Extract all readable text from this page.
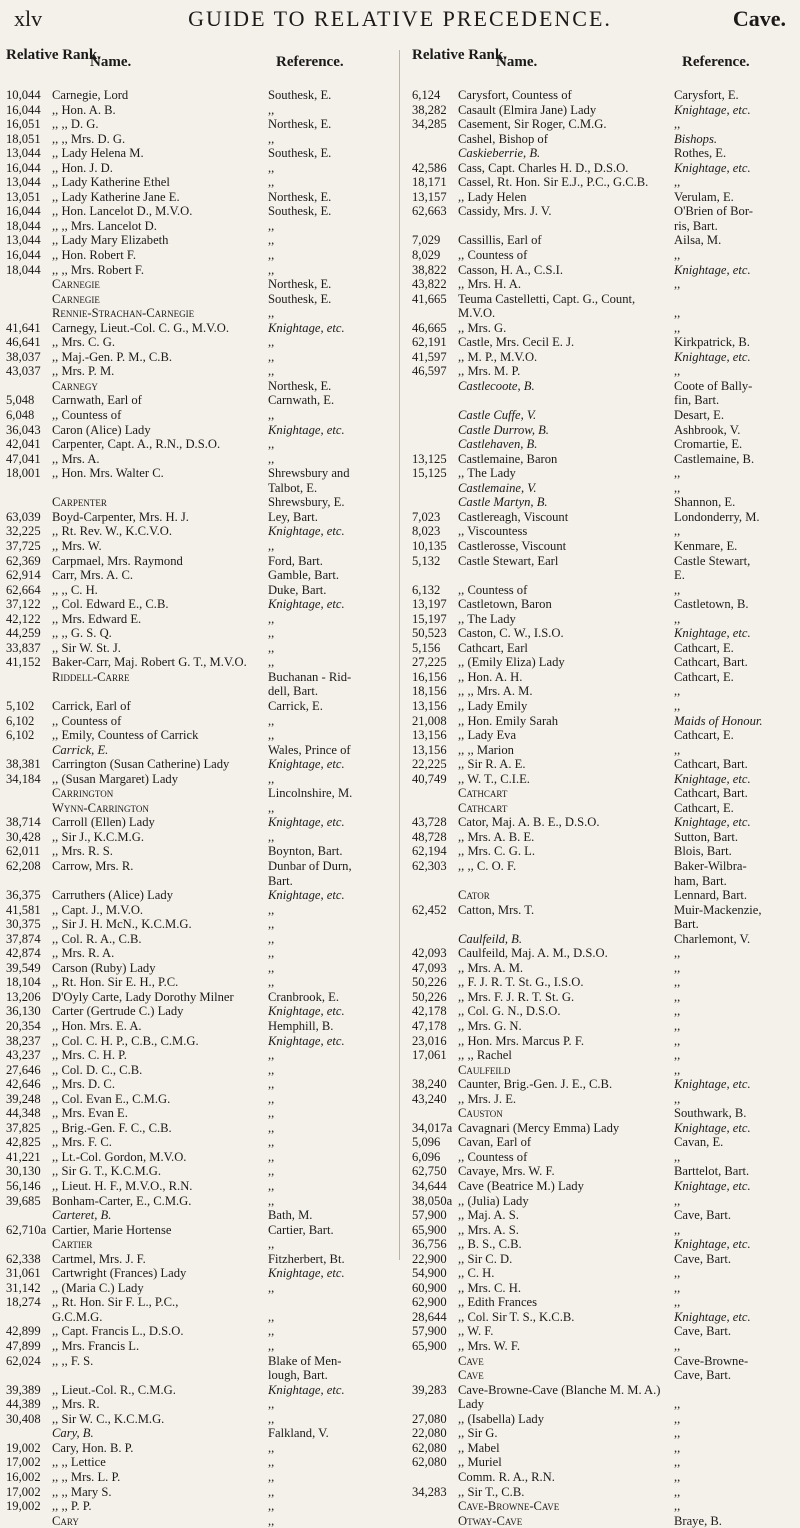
xlv	GUIDE TO RELATIVE PRECEDENCE.	Cave.
Relative Rank.
Name.	Reference.
10,044 Carnegie, Lord	Southesk, E.
16,044 ,, Hon. A. B.	,,
16,051 ,, ,, D. G.	Northesk, E.
18,051 ,, ,, Mrs. D. G.	,,
13,044 ,, Lady Helena M.	Southesk, E.
16,044 ,, Hon. J. D.	,,
13,044 ,, Lady Katherine Ethel	,,
13,051 ,, Lady Katherine Jane E.	Northesk, E.
16,044 ,, Hon. Lancelot D., M.V.O.	Southesk, E.
18,044 ,, ,, Mrs. Lancelot D.	,,
13,044 ,, Lady Mary Elizabeth	,,
16,044 ,, Hon. Robert F.	,,
18,044 ,, ,, Mrs. Robert F.	,,
Carnegie	Northesk, E.
Carnegie	Southesk, E.
Rennie-Strachan-Carnegie	,,
41,641 Carnegy, Lieut.-Col. C. G., M.V.O.	Knightage, etc.
46,641 ,, Mrs. C. G.	,,
38,037 ,, Maj.-Gen. P. M., C.B.	,,
43,037 ,, Mrs. P. M.	,,
Carnegy	Northesk, E.
5,048	Carnwath, Earl of	Carnwath, E.
6,048	,, Countess of	,,
36,043 Caron (Alice) Lady	Knightage, etc.
42,041 Carpenter, Capt. A., R.N., D.S.O.	,,
47,041 ,, Mrs. A.	,,
18,001 ,, Hon. Mrs. Walter C.	Shrewsbury and
Talbot, E.
Carpenter	Shrewsbury, E.
63,039 Boyd-Carpenter, Mrs. H. J.	Ley, Bart.
32,225 ,, Rt. Rev. W., K.C.V.O.	Knightage, etc.
37,725 ,, Mrs. W.	,,
62,369 Carpmael, Mrs. Raymond	Ford, Bart.
62,914 Carr, Mrs. A. C.	Gamble, Bart.
62,664 ,, ,, C. H.	Duke, Bart.
37,122 ,, Col. Edward E., C.B.	Knightage, etc.
42,122 ,, Mrs. Edward E.	,,
44,259 ,, ,, G. S. Q.	,,
33,837 ,, Sir W. St. J.	,,
41,152 Baker-Carr, Maj. Robert G. T., M.V.O.	,,
Riddell-Carre	Buchanan - Rid-
dell, Bart.
5,102	Carrick, Earl of	Carrick, E.
6,102	,, Countess of	,,
6,102	,, Emily, Countess of Carrick	,,
Carrick, E.	Wales, Prince of
38,381 Carrington (Susan Catherine) Lady	Knightage, etc.
34,184 ,, (Susan Margaret) Lady	,,
Carrington	Lincolnshire, M.
Wynn-Carrington	,,
38,714 Carroll (Ellen) Lady	Knightage, etc.
30,428 ,, Sir J., K.C.M.G.	,,
62,011 ,, Mrs. R. S.	Boynton, Bart.
62,208 Carrow, Mrs. R.	Dunbar of Durn,
Bart.
36,375 Carruthers (Alice) Lady	Knightage, etc.
41,581 ,, Capt. J., M.V.O.	,,
30,375 ,, Sir J. H. McN., K.C.M.G.	,,
37,874 ,, Col. R. A., C.B.	,,
42,874 ,, Mrs. R. A.	,,
39,549 Carson (Ruby) Lady	,,
18,104 ,, Rt. Hon. Sir E. H., P.C.	,,
13,206 D'Oyly Carte, Lady Dorothy Milner	Cranbrook, E.
36,130 Carter (Gertrude C.) Lady	Knightage, etc.
20,354 ,, Hon. Mrs. E. A.	Hemphill, B.
38,237 ,, Col. C. H. P., C.B., C.M.G.	Knightage, etc.
43,237 ,, Mrs. C. H. P.	,,
27,646 ,, Col. D. C., C.B.	,,
42,646 ,, Mrs. D. C.	,,
39,248 ,, Col. Evan E., C.M.G.	,,
44,348 ,, Mrs. Evan E.	,,
37,825 ,, Brig.-Gen. F. C., C.B.	,,
42,825 ,, Mrs. F. C.	,,
41,221 ,, Lt.-Col. Gordon, M.V.O.	,,
30,130 ,, Sir G. T., K.C.M.G.	,,
56,146 ,, Lieut. H. F., M.V.O., R.N.	,,
39,685 Bonham-Carter, E., C.M.G.	,,
Carteret, B.	Bath, M.
62,710a Cartier, Marie Hortense	Cartier, Bart.
Cartier	,,
62,338 Cartmel, Mrs. J. F.	Fitzherbert, Bt.
31,061 Cartwright (Frances) Lady	Knightage, etc.
31,142 ,, (Maria C.) Lady	,,
18,274 ,, Rt. Hon. Sir F. L., P.C.,
G.C.M.G.	,,
42,899 ,, Capt. Francis L., D.S.O.	,,
47,899 ,, Mrs. Francis L.	,,
62,024 ,, ,, F. S.	Blake of Men-
lough, Bart.
39,389 ,, Lieut.-Col. R., C.M.G.	Knightage, etc.
44,389 ,, Mrs. R.	,,
30,408 ,, Sir W. C., K.C.M.G.	,,
Cary, B.	Falkland, V.
19,002 Cary, Hon. B. P.	,,
17,002 ,, ,, Lettice	,,
16,002 ,, ,, Mrs. L. P.	,,
17,002 ,, ,, Mary S.	,,
19,002 ,, ,, P. P.	,,
Cary	,,
Relative Rank.
Name.	Reference.
6,124	Carysfort, Countess of	Carysfort, E.
38,282 Casault (Elmira Jane) Lady	Knightage, etc.
34,285 Casement, Sir Roger, C.M.G.	,,
Cashel, Bishop of	Bishops.
Caskieberrie, B.	Rothes, E.
42,586 Cass, Capt. Charles H. D., D.S.O.	Knightage, etc.
18,171 Cassel, Rt. Hon. Sir E.J., P.C., G.C.B.	,,
13,157 ,, Lady Helen	Verulam, E.
62,663 Cassidy, Mrs. J. V.	O'Brien of Bor-
ris, Bart.
7,029	Cassillis, Earl of	Ailsa, M.
8,029	,, Countess of	,,
38,822 Casson, H. A., C.S.I.	Knightage, etc.
43,822 ,, Mrs. H. A.	,,
41,665 Teuma Castelletti, Capt. G., Count,
M.V.O.	,,
46,665 ,, Mrs. G.	,,
62,191 Castle, Mrs. Cecil E. J.	Kirkpatrick, B.
41,597 ,, M. P., M.V.O.	Knightage, etc.
46,597 ,, Mrs. M. P.	,,
Castlecoote, B.	Coote of Bally-
fin, Bart.
Castle Cuffe, V.	Desart, E.
Castle Durrow, B.	Ashbrook, V.
Castlehaven, B.	Cromartie, E.
13,125 Castlemaine, Baron	Castlemaine, B.
15,125 ,, The Lady	,,
Castlemaine, V.	,,
Castle Martyn, B.	Shannon, E.
7,023	Castlereagh, Viscount	Londonderry, M.
8,023	,, Viscountess	,,
10,135 Castlerosse, Viscount	Kenmare, E.
5,132	Castle Stewart, Earl	Castle Stewart,
E.
6,132	,, Countess of	,,
13,197 Castletown, Baron	Castletown, B.
15,197 ,, The Lady	,,
50,523 Caston, C. W., I.S.O.	Knightage, etc.
5,156	Cathcart, Earl	Cathcart, E.
27,225 ,, (Emily Eliza) Lady	Cathcart, Bart.
16,156 ,, Hon. A. H.	Cathcart, E.
18,156 ,, ,, Mrs. A. M.	,,
13,156 ,, Lady Emily	,,
21,008 ,, Hon. Emily Sarah	Maids of Honour.
13,156 ,, Lady Eva	Cathcart, E.
13,156 ,, ,, Marion	,,
22,225 ,, Sir R. A. E.	Cathcart, Bart.
40,749 ,, W. T., C.I.E.	Knightage, etc.
Cathcart	Cathcart, Bart.
Cathcart	Cathcart, E.
43,728 Cator, Maj. A. B. E., D.S.O.	Knightage, etc.
48,728 ,, Mrs. A. B. E.	Sutton, Bart.
62,194 ,, Mrs. C. G. L.	Blois, Bart.
62,303 ,, ,, C. O. F.	Baker-Wilbra-
ham, Bart.
Cator	Lennard, Bart.
62,452 Catton, Mrs. T.	Muir-Mackenzie,
Bart.
Caulfeild, B.	Charlemont, V.
42,093 Caulfeild, Maj. A. M., D.S.O.	,,
47,093 ,, Mrs. A. M.	,,
50,226 ,, F. J. R. T. St. G., I.S.O.	,,
50,226 ,, Mrs. F. J. R. T. St. G.	,,
42,178 ,, Col. G. N., D.S.O.	,,
47,178 ,, Mrs. G. N.	,,
23,016 ,, Hon. Mrs. Marcus P. F.	,,
17,061 ,, ,, Rachel	,,
Caulfeild	,,
38,240 Caunter, Brig.-Gen. J. E., C.B.	Knightage, etc.
43,240 ,, Mrs. J. E.	,,
Causton	Southwark, B.
34,017a Cavagnari (Mercy Emma) Lady	Knightage, etc.
5,096	Cavan, Earl of	Cavan, E.
6,096	,, Countess of	,,
62,750 Cavaye, Mrs. W. F.	Barttelot, Bart.
34,644 Cave (Beatrice M.) Lady	Knightage, etc.
38,050a ,, (Julia) Lady	,,
57,900 ,, Maj. A. S.	Cave, Bart.
65,900 ,, Mrs. A. S.	,,
36,756 ,, B. S., C.B.	Knightage, etc.
22,900 ,, Sir C. D.	Cave, Bart.
54,900 ,, C. H.	,,
60,900 ,, Mrs. C. H.	,,
62,900 ,, Edith Frances	,,
28,644 ,, Col. Sir T. S., K.C.B.	Knightage, etc.
57,900 ,, W. F.	Cave, Bart.
65,900 ,, Mrs. W. F.	,,
Cave	Cave-Browne-
Cave	Cave, Bart.
39,283 Cave-Browne-Cave (Blanche M. M. A.)
Lady	,,
27,080 ,, (Isabella) Lady	,,
22,080 ,, Sir G.	,,
62,080 ,, Mabel	,,
62,080 ,, Muriel	,,
Comm. R. A., R.N.	,,
34,283 ,, Sir T., C.B.	,,
Cave-Browne-Cave	,,
Otway-Cave	Braye, B.
